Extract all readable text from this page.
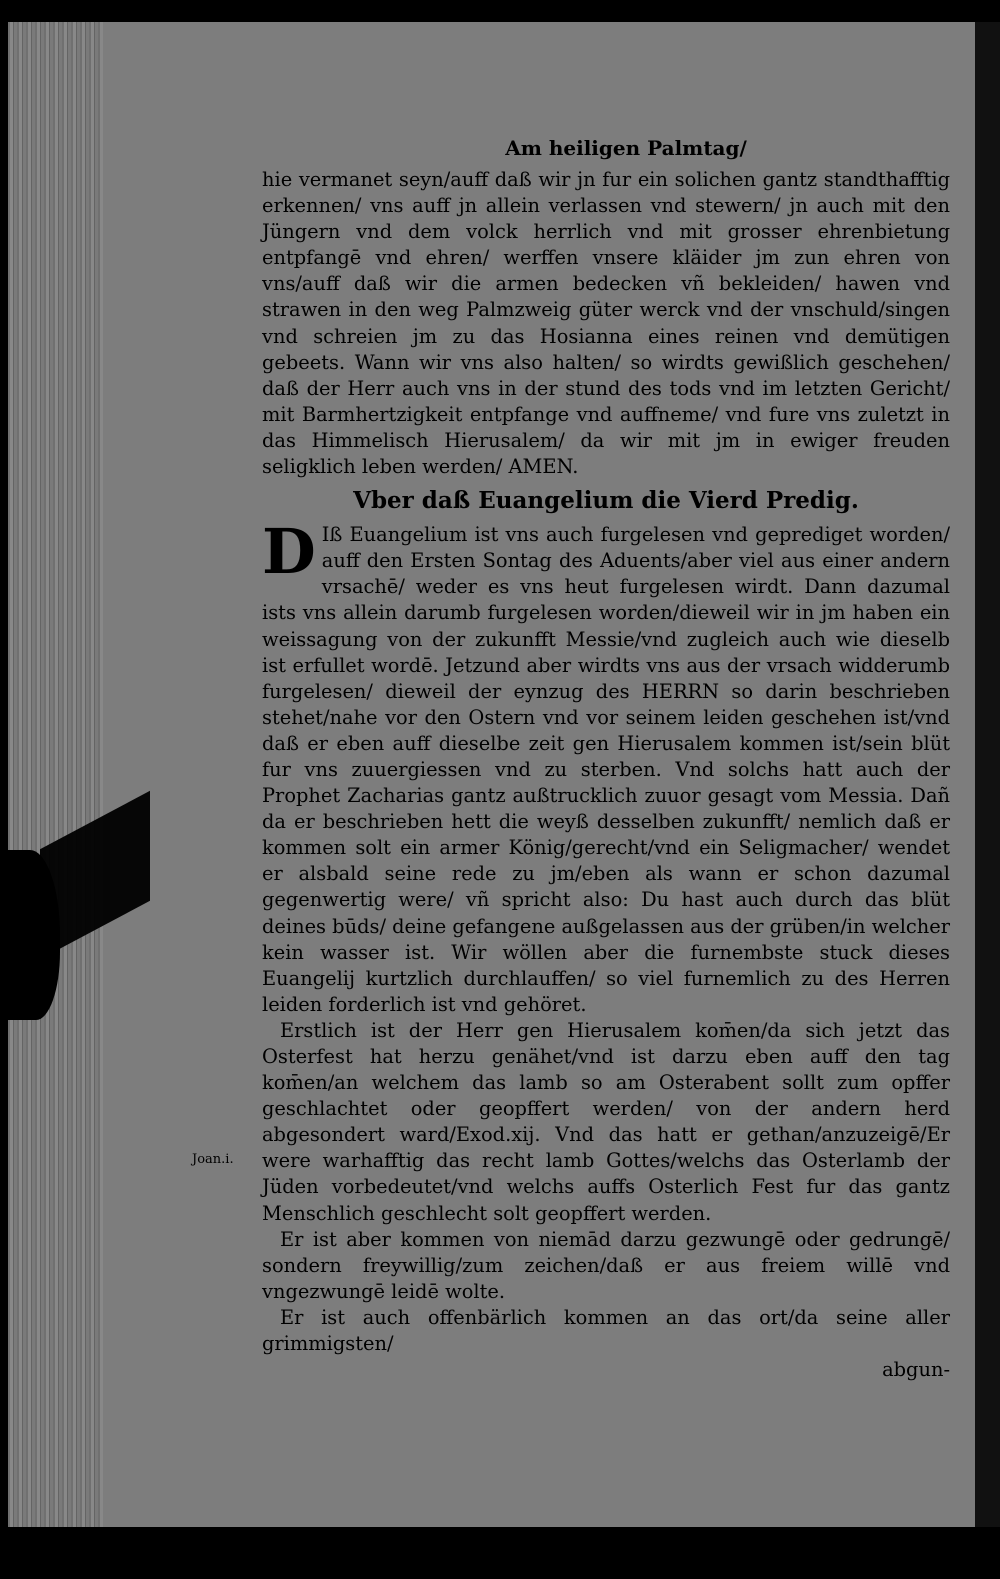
Joan.i.
Am heiligen Palmtag/

hie vermanet seyn/auff daß wir jn fur ein solichen gantz standthafftig erkennen/ vns auff jn allein verlassen vnd stewern/ jn auch mit den Jüngern vnd dem volck herrlich vnd mit grosser ehrenbietung entpfangē vnd ehren/ werffen vnsere kläider jm zun ehren von vns/auff daß wir die armen bedecken vñ bekleiden/ hawen vnd strawen in den weg Palmzweig güter werck vnd der vnschuld/singen vnd schreien jm zu das Hosianna eines reinen vnd demütigen gebeets. Wann wir vns also halten/ so wirdts gewißlich geschehen/ daß der Herr auch vns in der stund des tods vnd im letzten Gericht/ mit Barmhertzigkeit entpfange vnd auffneme/ vnd fure vns zuletzt in das Himmelisch Hierusalem/ da wir mit jm in ewiger freuden seligklich leben werden/ AMEN.

Vber daß Euangelium die Vierd Predig.

D Iß Euangelium ist vns auch furgelesen vnd geprediget worden/ auff den Ersten Sontag des Aduents/aber viel aus einer andern vrsachē/ weder es vns heut furgelesen wirdt. Dann dazumal ists vns allein darumb furgelesen worden/dieweil wir in jm haben ein weissagung von der zukunfft Messie/vnd zugleich auch wie dieselb ist erfullet wordē. Jetzund aber wirdts vns aus der vrsach widderumb furgelesen/ dieweil der eynzug des HERRN so darin beschrieben stehet/nahe vor den Ostern vnd vor seinem leiden geschehen ist/vnd daß er eben auff dieselbe zeit gen Hierusalem kommen ist/sein blüt fur vns zuuergiessen vnd zu sterben. Vnd solchs hatt auch der Prophet Zacharias gantz außtrucklich zuuor gesagt vom Messia. Dañ da er beschrieben hett die weyß desselben zukunfft/ nemlich daß er kommen solt ein armer König/gerecht/vnd ein Seligmacher/ wendet er alsbald seine rede zu jm/eben als wann er schon dazumal gegenwertig were/ vñ spricht also: Du hast auch durch das blüt deines būds/ deine gefangene außgelassen aus der grüben/in welcher kein wasser ist. Wir wöllen aber die furnembste stuck dieses Euangelij kurtzlich durchlauffen/ so viel furnemlich zu des Herren leiden forderlich ist vnd gehöret.

Erstlich ist der Herr gen Hierusalem kom̄en/da sich jetzt das Osterfest hat herzu genähet/vnd ist darzu eben auff den tag kom̄en/an welchem das lamb so am Osterabent sollt zum opffer geschlachtet oder geopffert werden/ von der andern herd abgesondert ward/Exod.xij. Vnd das hatt er gethan/anzuzeigē/Er were warhafftig das recht lamb Gottes/welchs das Osterlamb der Jüden vorbedeutet/vnd welchs auffs Osterlich Fest fur das gantz Menschlich geschlecht solt geopffert werden.

Er ist aber kommen von niemād darzu gezwungē oder gedrungē/ sondern freywillig/zum zeichen/daß er aus freiem willē vnd vngezwungē leidē wolte.

Er ist auch offenbärlich kommen an das ort/da seine aller grimmigsten/

abgun-
